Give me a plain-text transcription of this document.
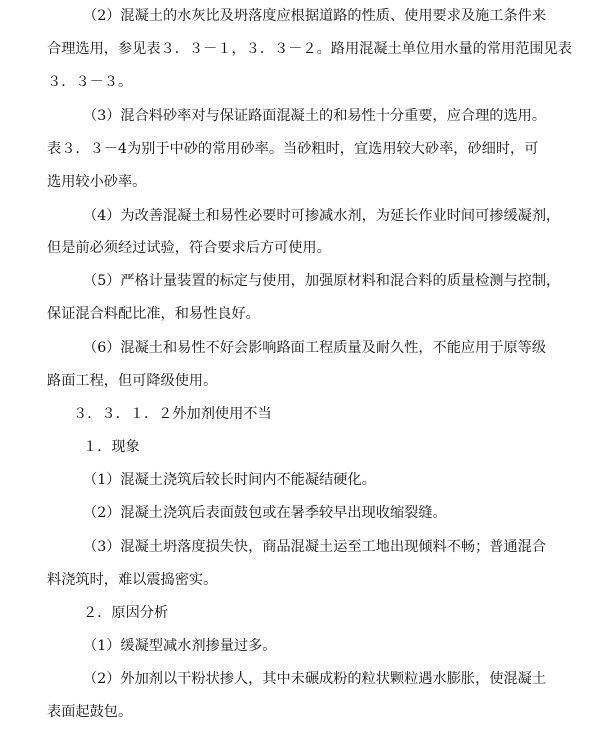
（2）混凝土的水灰比及坍落度应根据道路的性质、使用要求及施工条件来
合理选用，参见表３．３－１，３．３－２。路用混凝土单位用水量的常用范围见表
３．３－３。
（3）混合料砂率对与保证路面混凝土的和易性十分重要，应合理的选用。
表３．３－4为别于中砂的常用砂率。当砂粗时，宜选用较大砂率，砂细时，可
选用较小砂率。
（4）为改善混凝土和易性必要时可掺减水剂，为延长作业时间可掺缓凝剂，
但是前必须经过试验，符合要求后方可使用。
（5）严格计量装置的标定与使用，加强原材料和混合料的质量检测与控制，
保证混合料配比准，和易性良好。
（6）混凝土和易性不好会影响路面工程质量及耐久性，不能应用于原等级
路面工程，但可降级使用。
３．３．１．２外加剂使用不当
１．现象
（1）混凝土浇筑后较长时间内不能凝结硬化。
（2）混凝土浇筑后表面鼓包或在暑季较早出现收缩裂缝。
（3）混凝土坍落度损失快，商品混凝土运至工地出现倾料不畅；普通混合
料浇筑时，难以震捣密实。
２．原因分析
（1）缓凝型减水剂掺量过多。
（2）外加剂以干粉状掺人，其中未碾成粉的粒状颗粒遇水膨胀，使混凝土
表面起鼓包。
